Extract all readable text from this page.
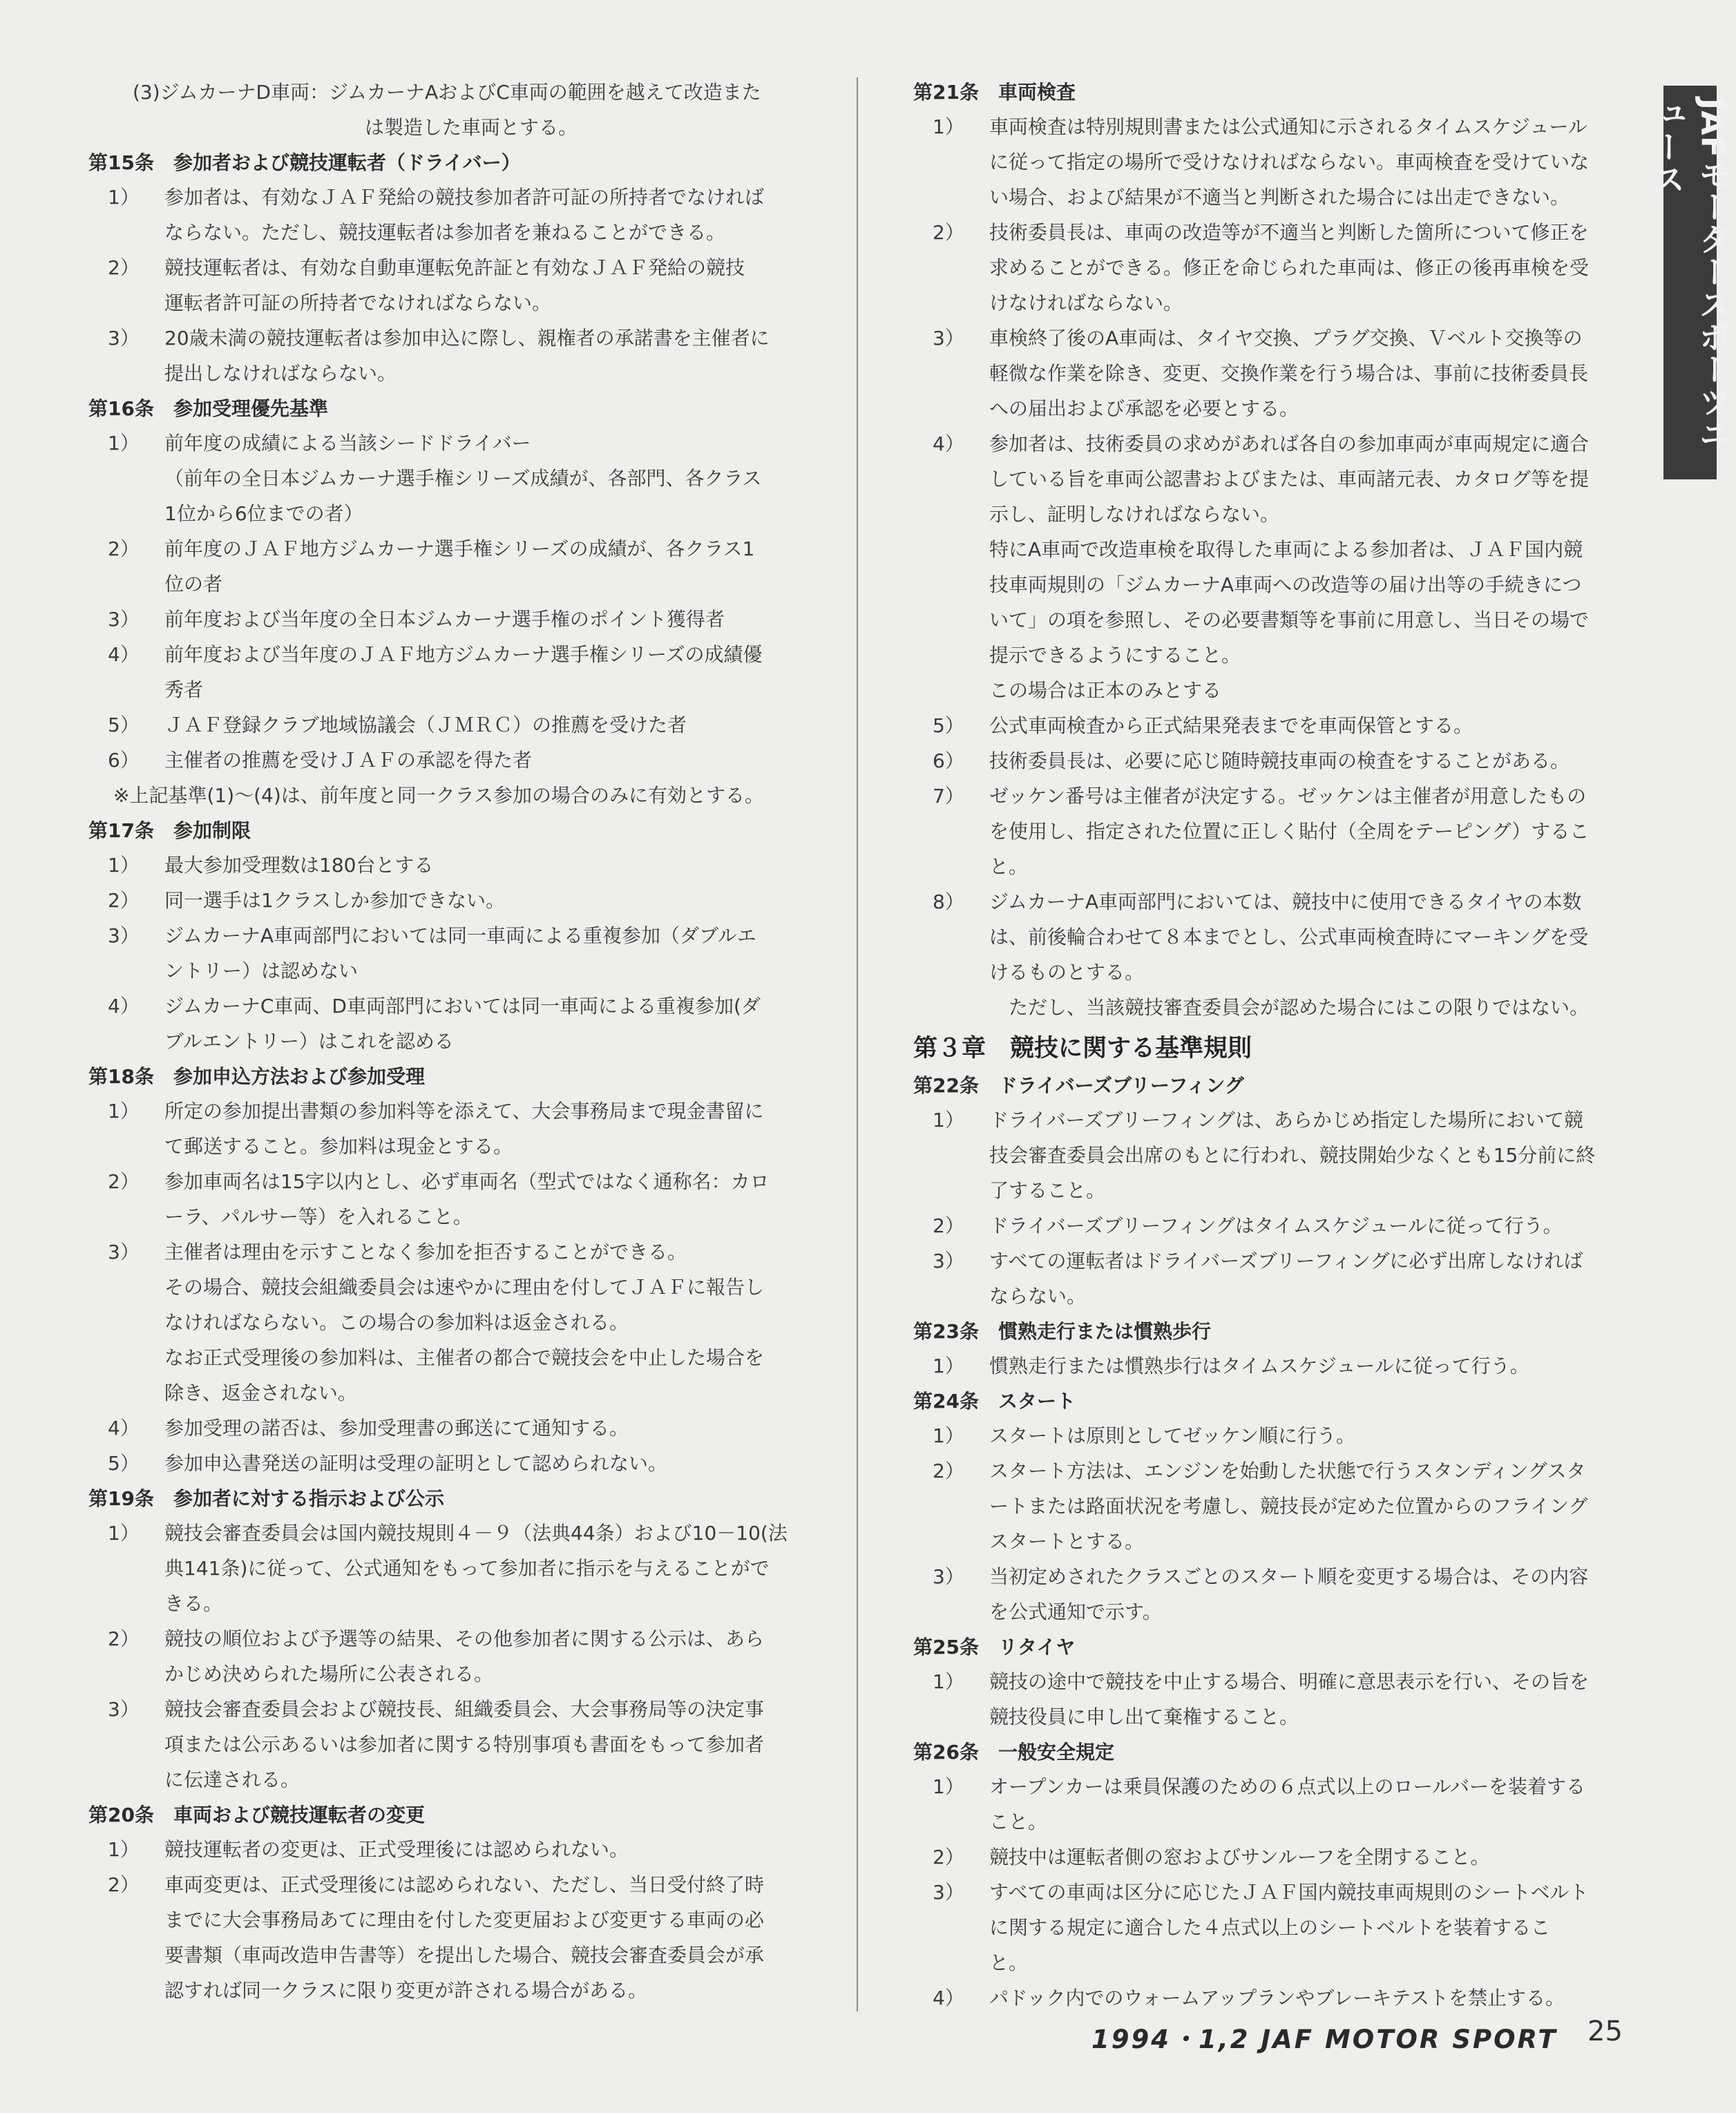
(3)ジムカーナD車両：ジムカーナAおよびC車両の範囲を越えて改造また
は製造した車両とする。
第15条　参加者および競技運転者（ドライバー）
1）	参加者は、有効なＪＡＦ発給の競技参加者許可証の所持者でなければ
ならない。ただし、競技運転者は参加者を兼ねることができる。
2）	競技運転者は、有効な自動車運転免許証と有効なＪＡＦ発給の競技
運転者許可証の所持者でなければならない。
3）	20歳未満の競技運転者は参加申込に際し、親権者の承諾書を主催者に
提出しなければならない。
第16条　参加受理優先基準
1）	前年度の成績による当該シードドライバー
（前年の全日本ジムカーナ選手権シリーズ成績が、各部門、各クラス
1位から6位までの者）
2）	前年度のＪＡＦ地方ジムカーナ選手権シリーズの成績が、各クラス1
位の者
3）	前年度および当年度の全日本ジムカーナ選手権のポイント獲得者
4）	前年度および当年度のＪＡＦ地方ジムカーナ選手権シリーズの成績優
秀者
5）	ＪＡＦ登録クラブ地域協議会（ＪＭＲＣ）の推薦を受けた者
6）	主催者の推薦を受けＪＡＦの承認を得た者
※上記基準(1)〜(4)は、前年度と同一クラス参加の場合のみに有効とする。
第17条　参加制限
1）	最大参加受理数は180台とする
2）	同一選手は1クラスしか参加できない。
3）	ジムカーナA車両部門においては同一車両による重複参加（ダブルエ
ントリー）は認めない
4）	ジムカーナC車両、D車両部門においては同一車両による重複参加(ダ
ブルエントリー）はこれを認める
第18条　参加申込方法および参加受理
1）	所定の参加提出書類の参加料等を添えて、大会事務局まで現金書留に
て郵送すること。参加料は現金とする。
2）	参加車両名は15字以内とし、必ず車両名（型式ではなく通称名：カロ
ーラ、パルサー等）を入れること。
3）	主催者は理由を示すことなく参加を拒否することができる。
その場合、競技会組織委員会は速やかに理由を付してＪＡＦに報告し
なければならない。この場合の参加料は返金される。
なお正式受理後の参加料は、主催者の都合で競技会を中止した場合を
除き、返金されない。
4）	参加受理の諾否は、参加受理書の郵送にて通知する。
5）	参加申込書発送の証明は受理の証明として認められない。
第19条　参加者に対する指示および公示
1）	競技会審査委員会は国内競技規則４－９（法典44条）および10－10(法
典141条)に従って、公式通知をもって参加者に指示を与えることがで
きる。
2）	競技の順位および予選等の結果、その他参加者に関する公示は、あら
かじめ決められた場所に公表される。
3）	競技会審査委員会および競技長、組織委員会、大会事務局等の決定事
項または公示あるいは参加者に関する特別事項も書面をもって参加者
に伝達される。
第20条　車両および競技運転者の変更
1）	競技運転者の変更は、正式受理後には認められない。
2）	車両変更は、正式受理後には認められない、ただし、当日受付終了時
までに大会事務局あてに理由を付した変更届および変更する車両の必
要書類（車両改造申告書等）を提出した場合、競技会審査委員会が承
認すれば同一クラスに限り変更が許される場合がある。
第21条　車両検査
1）	車両検査は特別規則書または公式通知に示されるタイムスケジュール
に従って指定の場所で受けなければならない。車両検査を受けていな
い場合、および結果が不適当と判断された場合には出走できない。
2）	技術委員長は、車両の改造等が不適当と判断した箇所について修正を
求めることができる。修正を命じられた車両は、修正の後再車検を受
けなければならない。
3）	車検終了後のA車両は、タイヤ交換、プラグ交換、Ｖベルト交換等の
軽微な作業を除き、変更、交換作業を行う場合は、事前に技術委員長
への届出および承認を必要とする。
4）	参加者は、技術委員の求めがあれば各自の参加車両が車両規定に適合
している旨を車両公認書およびまたは、車両諸元表、カタログ等を提
示し、証明しなければならない。
特にA車両で改造車検を取得した車両による参加者は、ＪＡＦ国内競
技車両規則の「ジムカーナA車両への改造等の届け出等の手続きにつ
いて」の項を参照し、その必要書類等を事前に用意し、当日その場で
提示できるようにすること。
この場合は正本のみとする
5）	公式車両検査から正式結果発表までを車両保管とする。
6）	技術委員長は、必要に応じ随時競技車両の検査をすることがある。
7）	ゼッケン番号は主催者が決定する。ゼッケンは主催者が用意したもの
を使用し、指定された位置に正しく貼付（全周をテーピング）するこ
と。
8）	ジムカーナA車両部門においては、競技中に使用できるタイヤの本数
は、前後輪合わせて８本までとし、公式車両検査時にマーキングを受
けるものとする。
　ただし、当該競技審査委員会が認めた場合にはこの限りではない。
第３章　競技に関する基準規則
第22条　ドライバーズブリーフィング
1）	ドライバーズブリーフィングは、あらかじめ指定した場所において競
技会審査委員会出席のもとに行われ、競技開始少なくとも15分前に終
了すること。
2）	ドライバーズブリーフィングはタイムスケジュールに従って行う。
3）	すべての運転者はドライバーズブリーフィングに必ず出席しなければ
ならない。
第23条　慣熟走行または慣熟歩行
1）	慣熟走行または慣熟歩行はタイムスケジュールに従って行う。
第24条　スタート
1）	スタートは原則としてゼッケン順に行う。
2）	スタート方法は、エンジンを始動した状態で行うスタンディングスタ
ートまたは路面状況を考慮し、競技長が定めた位置からのフライング
スタートとする。
3）	当初定めされたクラスごとのスタート順を変更する場合は、その内容
を公式通知で示す。
第25条　リタイヤ
1）	競技の途中で競技を中止する場合、明確に意思表示を行い、その旨を
競技役員に申し出て棄権すること。
第26条　一般安全規定
1）	オープンカーは乗員保護のための６点式以上のロールバーを装着する
こと。
2）	競技中は運転者側の窓およびサンルーフを全閉すること。
3）	すべての車両は区分に応じたＪＡＦ国内競技車両規則のシートベルト
に関する規定に適合した４点式以上のシートベルトを装着するこ
と。
4）	パドック内でのウォームアップランやブレーキテストを禁止する。
JAFモータースポーツニュース
1994・1,2 JAF MOTOR SPORT 25
